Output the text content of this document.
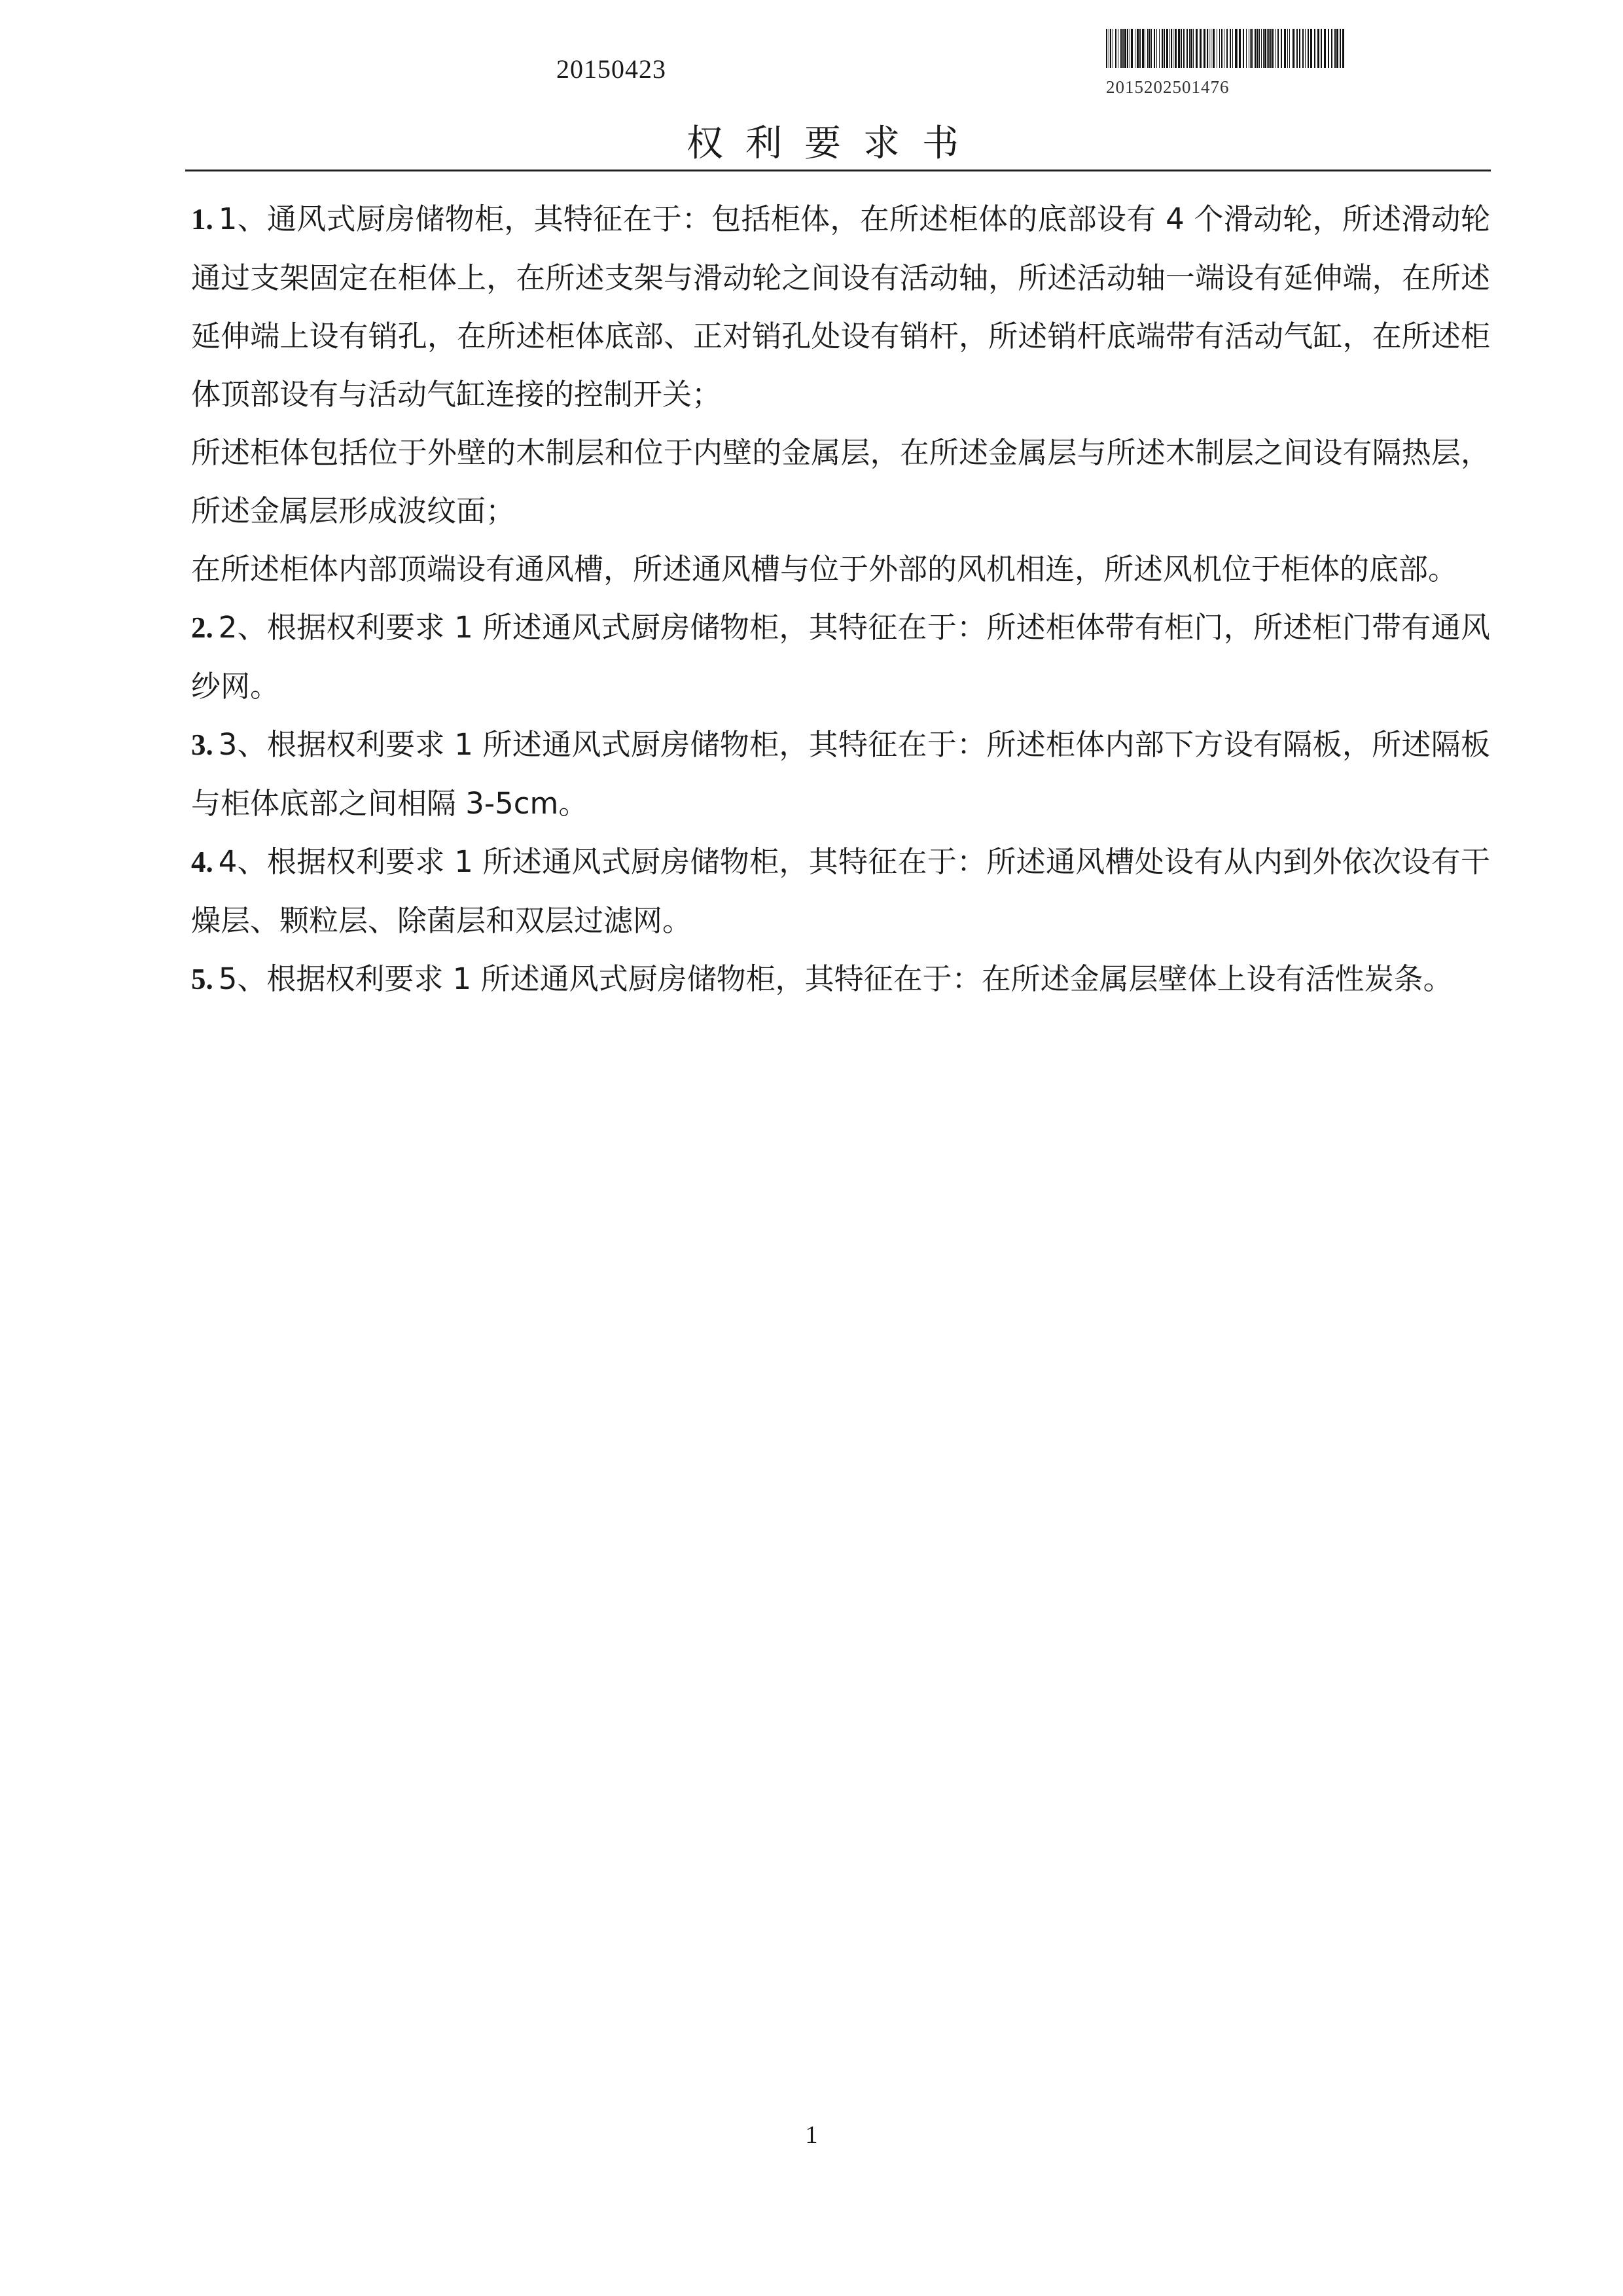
20150423
2015202501476
权利要求书

1. 1、通风式厨房储物柜，其特征在于：包括柜体，在所述柜体的底部设有 4 个滑动轮，所述滑动轮通过支架固定在柜体上，在所述支架与滑动轮之间设有活动轴，所述活动轴一端设有延伸端，在所述延伸端上设有销孔，在所述柜体底部、正对销孔处设有销杆，所述销杆底端带有活动气缸，在所述柜体顶部设有与活动气缸连接的控制开关；

所述柜体包括位于外壁的木制层和位于内壁的金属层，在所述金属层与所述木制层之间设有隔热层，所述金属层形成波纹面；

在所述柜体内部顶端设有通风槽，所述通风槽与位于外部的风机相连，所述风机位于柜体的底部。

2. 2、根据权利要求 1 所述通风式厨房储物柜，其特征在于：所述柜体带有柜门，所述柜门带有通风纱网。

3. 3、根据权利要求 1 所述通风式厨房储物柜，其特征在于：所述柜体内部下方设有隔板，所述隔板与柜体底部之间相隔 3-5cm。

4. 4、根据权利要求 1 所述通风式厨房储物柜，其特征在于：所述通风槽处设有从内到外依次设有干燥层、颗粒层、除菌层和双层过滤网。

5. 5、根据权利要求 1 所述通风式厨房储物柜，其特征在于：在所述金属层壁体上设有活性炭条。

1
